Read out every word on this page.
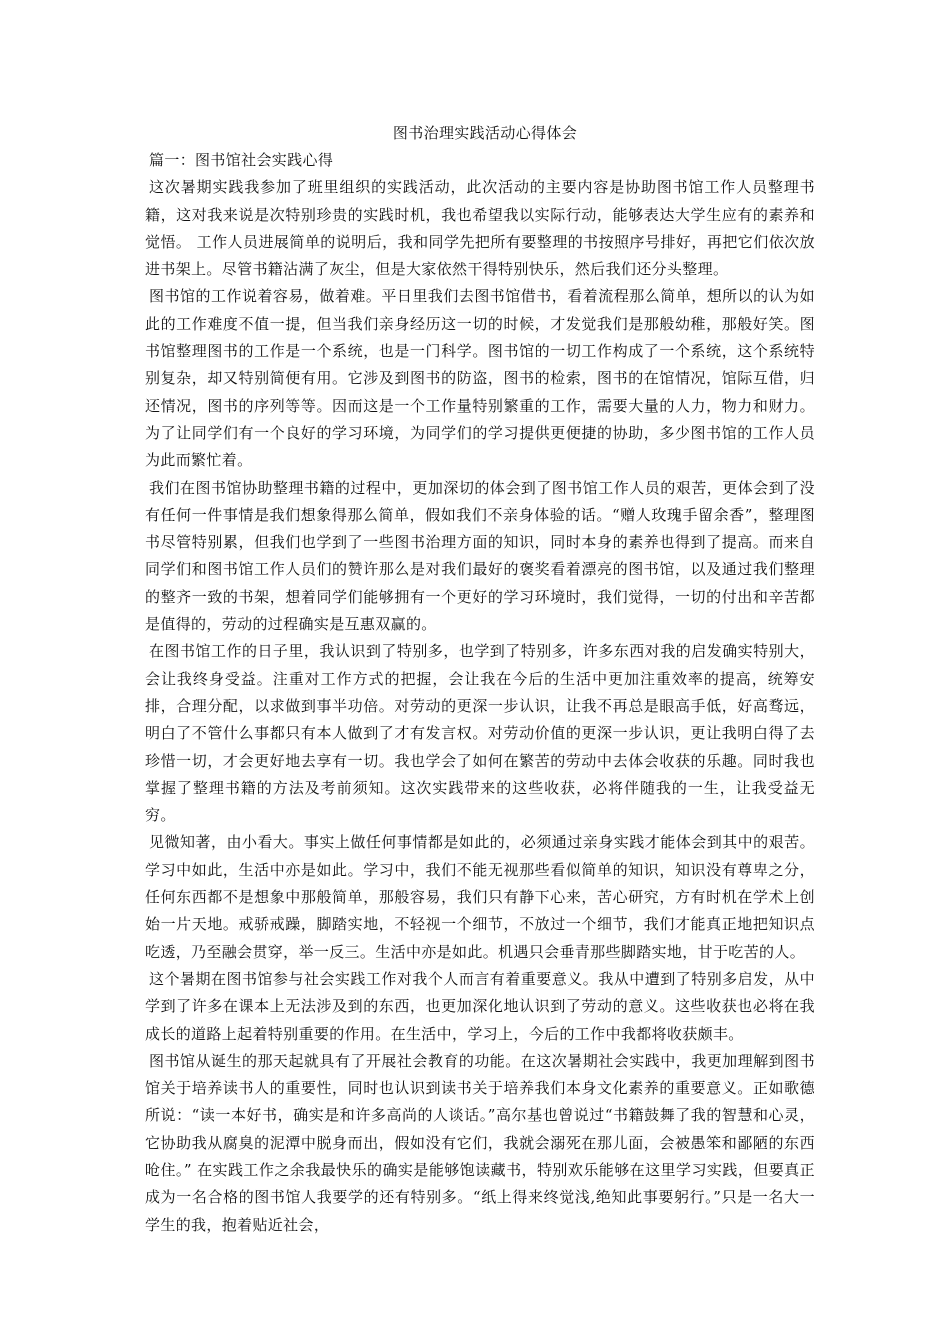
图书治理实践活动心得体会

篇一：图书馆社会实践心得

这次暑期实践我参加了班里组织的实践活动，此次活动的主要内容是协助图书馆工作人员整理书籍，这对我来说是次特别珍贵的实践时机，我也希望我以实际行动，能够表达大学生应有的素养和觉悟。 工作人员进展简单的说明后，我和同学先把所有要整理的书按照序号排好，再把它们依次放进书架上。尽管书籍沾满了灰尘，但是大家依然干得特别快乐，然后我们还分头整理。

图书馆的工作说着容易，做着难。平日里我们去图书馆借书，看着流程那么简单，想所以的认为如此的工作难度不值一提，但当我们亲身经历这一切的时候，才发觉我们是那般幼稚，那般好笑。图书馆整理图书的工作是一个系统，也是一门科学。图书馆的一切工作构成了一个系统，这个系统特别复杂，却又特别简便有用。它涉及到图书的防盗，图书的检索，图书的在馆情况，馆际互借，归还情况，图书的序列等等。因而这是一个工作量特别繁重的工作，需要大量的人力，物力和财力。为了让同学们有一个良好的学习环境，为同学们的学习提供更便捷的协助，多少图书馆的工作人员为此而繁忙着。

我们在图书馆协助整理书籍的过程中，更加深切的体会到了图书馆工作人员的艰苦，更体会到了没有任何一件事情是我们想象得那么简单，假如我们不亲身体验的话。“赠人玫瑰手留余香”，整理图书尽管特别累，但我们也学到了一些图书治理方面的知识，同时本身的素养也得到了提高。而来自同学们和图书馆工作人员们的赞许那么是对我们最好的褒奖看着漂亮的图书馆，以及通过我们整理的整齐一致的书架，想着同学们能够拥有一个更好的学习环境时，我们觉得，一切的付出和辛苦都是值得的，劳动的过程确实是互惠双赢的。

在图书馆工作的日子里，我认识到了特别多，也学到了特别多，许多东西对我的启发确实特别大，会让我终身受益。注重对工作方式的把握，会让我在今后的生活中更加注重效率的提高，统筹安排，合理分配，以求做到事半功倍。对劳动的更深一步认识，让我不再总是眼高手低，好高骛远，明白了不管什么事都只有本人做到了才有发言权。对劳动价值的更深一步认识，更让我明白得了去珍惜一切，才会更好地去享有一切。我也学会了如何在繁苦的劳动中去体会收获的乐趣。同时我也掌握了整理书籍的方法及考前须知。这次实践带来的这些收获，必将伴随我的一生，让我受益无穷。

见微知著，由小看大。事实上做任何事情都是如此的，必须通过亲身实践才能体会到其中的艰苦。学习中如此，生活中亦是如此。学习中，我们不能无视那些看似简单的知识，知识没有尊卑之分，任何东西都不是想象中那般简单，那般容易，我们只有静下心来，苦心研究，方有时机在学术上创始一片天地。戒骄戒躁，脚踏实地，不轻视一个细节，不放过一个细节，我们才能真正地把知识点吃透，乃至融会贯穿，举一反三。生活中亦是如此。机遇只会垂青那些脚踏实地，甘于吃苦的人。

这个暑期在图书馆参与社会实践工作对我个人而言有着重要意义。我从中遭到了特别多启发，从中学到了许多在课本上无法涉及到的东西，也更加深化地认识到了劳动的意义。这些收获也必将在我成长的道路上起着特别重要的作用。在生活中，学习上，今后的工作中我都将收获颇丰。

图书馆从诞生的那天起就具有了开展社会教育的功能。在这次暑期社会实践中，我更加理解到图书馆关于培养读书人的重要性，同时也认识到读书关于培养我们本身文化素养的重要意义。正如歌德所说：“读一本好书，确实是和许多高尚的人谈话。”高尔基也曾说过“书籍鼓舞了我的智慧和心灵，它协助我从腐臭的泥潭中脱身而出，假如没有它们，我就会溺死在那儿面，会被愚笨和鄙陋的东西呛住。” 在实践工作之余我最快乐的确实是能够饱读藏书，特别欢乐能够在这里学习实践，但要真正成为一名合格的图书馆人我要学的还有特别多。“纸上得来终觉浅,绝知此事要躬行。”只是一名大一学生的我，抱着贴近社会，
